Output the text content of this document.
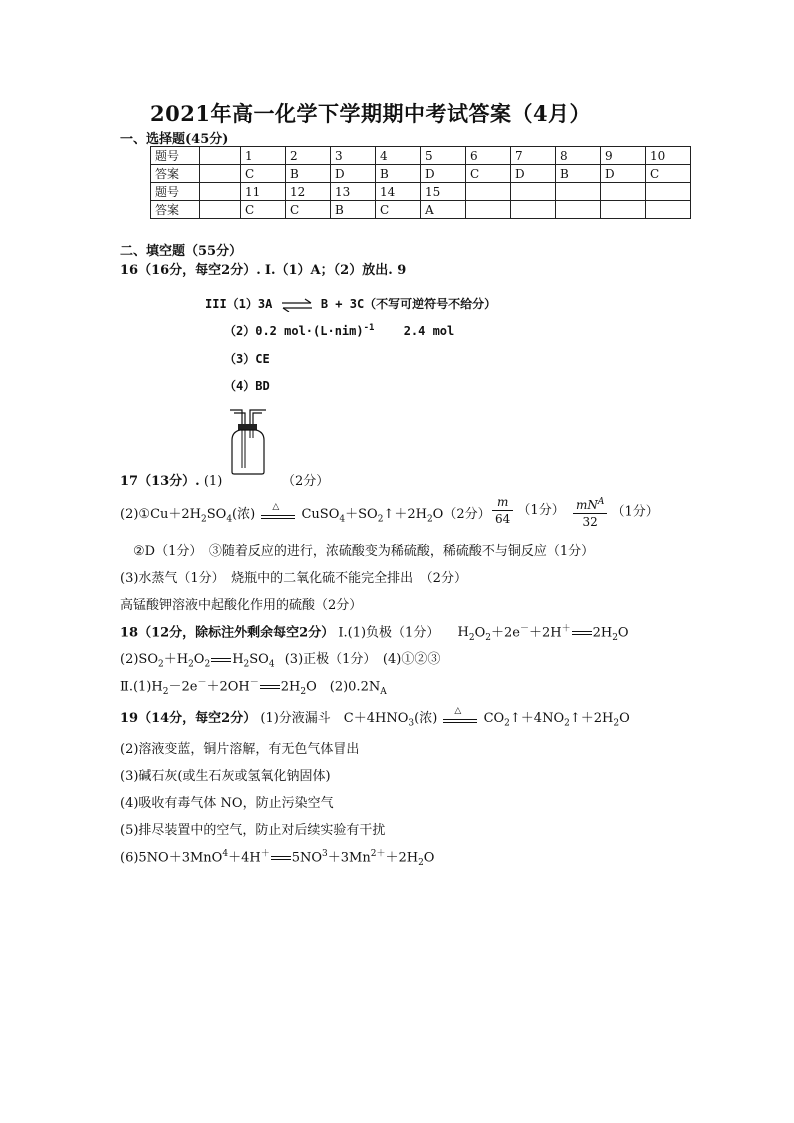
2021年高一化学下学期期中考试答案（4月）
一、选择题(45分)
题号		1	2	3	4	5	6	7	8	9	10
答案		C	B	D	B	D	C	D	B	D	C
题号		11	12	13	14	15					
答案		C	C	B	C	A					
二、填空题（55分）
16（16分，每空2分）. Ⅰ.（1）A；（2）放出. 9
III（1）3A ⇌ B + 3C（不写可逆符号不给分）
（2）0.2 $mol\cdot(L\cdot nim)^{-1}$ 2.4 mol
（3）CE
（4）BD
17（13分）. (1)	（2分）
$(2)①Cu+2H_2SO_4$(浓)
△
$CuSO_4+SO_2↑+2H_2O(2$分） $\frac{m}{64} (1$分） $\frac{mN^A}{32} (1$分）
②D（1分）　③随着反应的进行，浓硫酸变为稀硫酸，稀硫酸不与铜反应（1分）
(3)水蒸气（1分）　烧瓶中的二氧化硫不能完全排出　（2分）
高锰酸钾溶液中起酸化作用的硫酸（2分）
18（12分，除标注外剩余每空2分） Ⅰ.(1)负极（1分） $H_2O_2+2e^-+2H^+$ $2H_2O$
$(2)SO_2+H_2O_2$ $H_2SO_4$ (3)正极（1分）　(4)①②③
$Ⅱ.(1)H_2-2e^-+2OH^-$ $2H_2O$　$(2)0.2N_A$
19（14分，每空2分） (1)分液漏斗　$C+4HNO_3$(浓)
△
$CO_2↑+4NO_2↑+2H_2O$
(2)溶液变蓝，铜片溶解，有无色气体冒出
(3)碱石灰(或生石灰或氢氧化钠固体)
(4)吸收有毒气体 NO，防止污染空气
(5)排尽装置中的空气，防止对后续实验有干扰
(6)5NO＋3MnO$^4$＋4H＋ $5NO^3+3Mn^{2+}+2H_2O$
